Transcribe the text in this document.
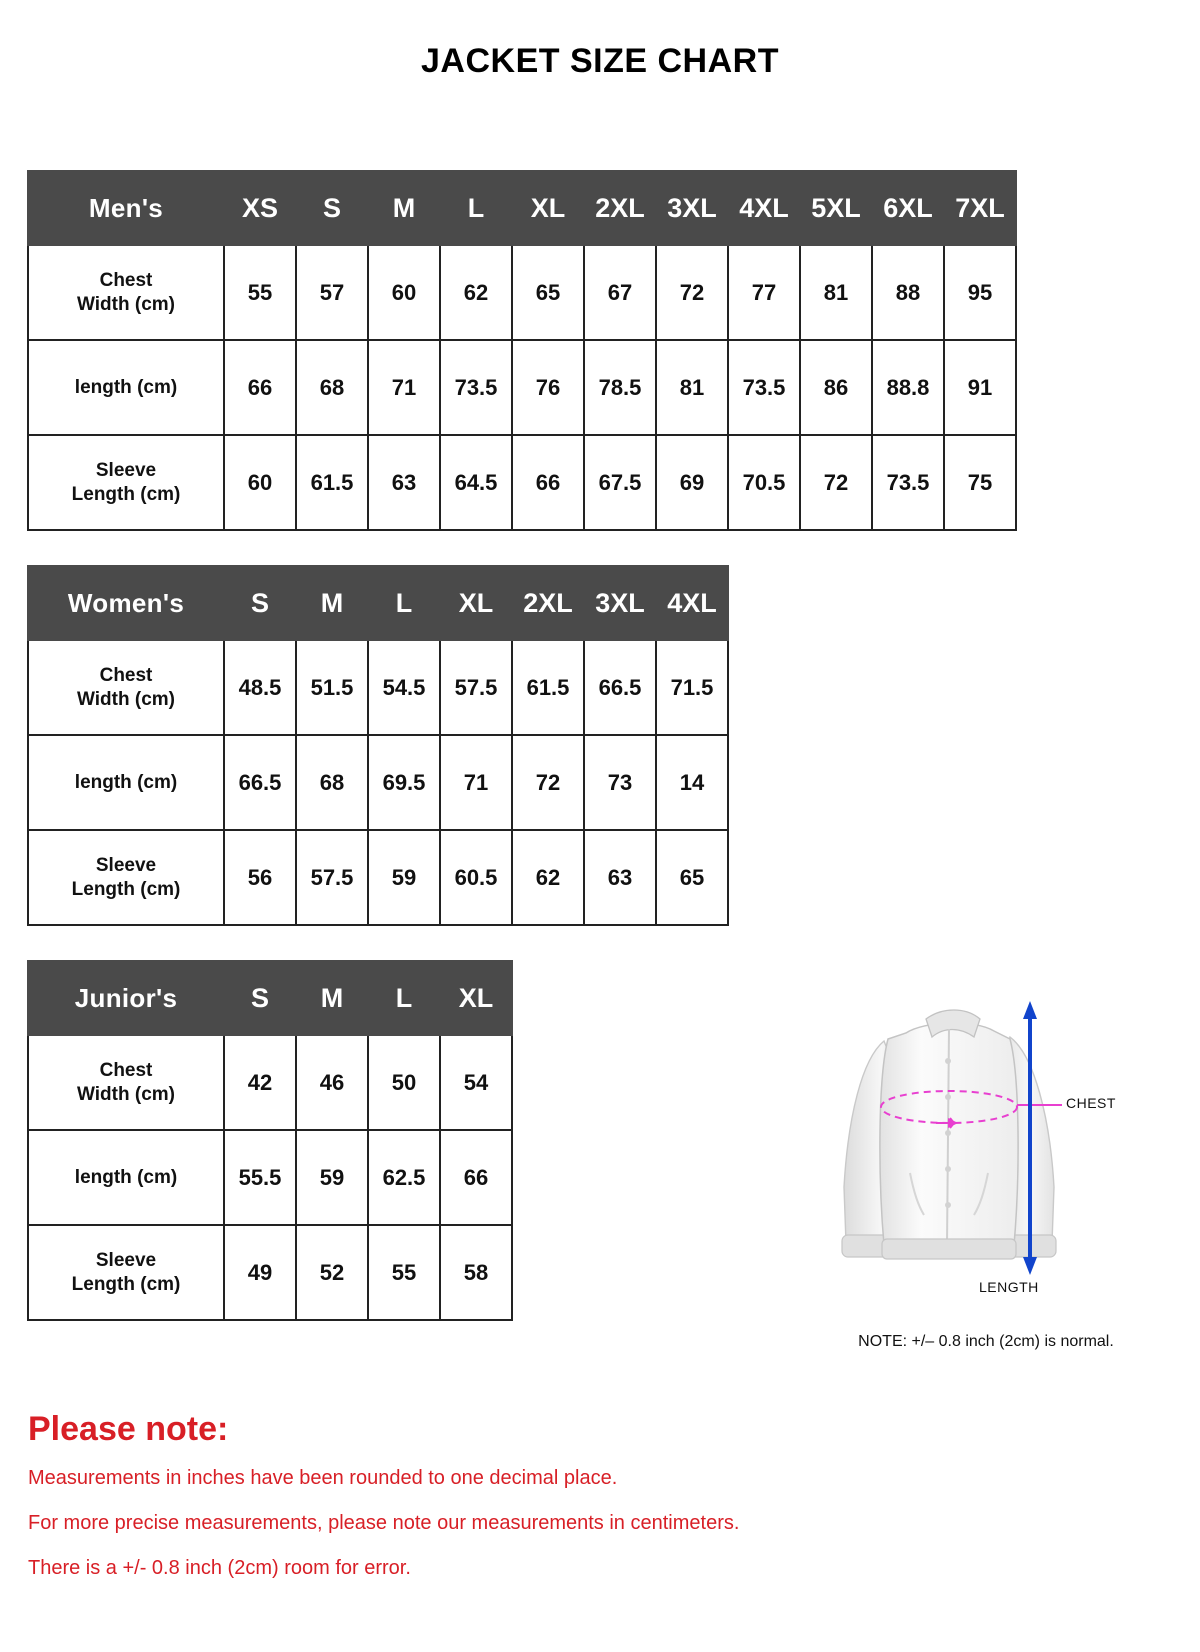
JACKET SIZE CHART
Men's	XS	S	M	L	XL	2XL	3XL	4XL	5XL	6XL	7XL

Chest
Width (cm)	55	57	60	62	65	67	72	77	81	88	95

length (cm)	66	68	71	73.5	76	78.5	81	73.5	86	88.8	91

Sleeve
Length (cm)	60	61.5	63	64.5	66	67.5	69	70.5	72	73.5	75
Women's	S	M	L	XL	2XL	3XL	4XL

Chest
Width (cm)	48.5	51.5	54.5	57.5	61.5	66.5	71.5

length (cm)	66.5	68	69.5	71	72	73	14

Sleeve
Length (cm)	56	57.5	59	60.5	62	63	65
Junior's	S	M	L	XL

Chest
Width (cm)	42	46	50	54

length (cm)	55.5	59	62.5	66

Sleeve
Length (cm)	49	52	55	58
CHEST
LENGTH
NOTE: +/– 0.8 inch (2cm) is normal.
Please note:

Measurements in inches have been rounded to one decimal place.

For more precise measurements, please note our measurements in centimeters.

There is a +/- 0.8 inch (2cm) room for error.
